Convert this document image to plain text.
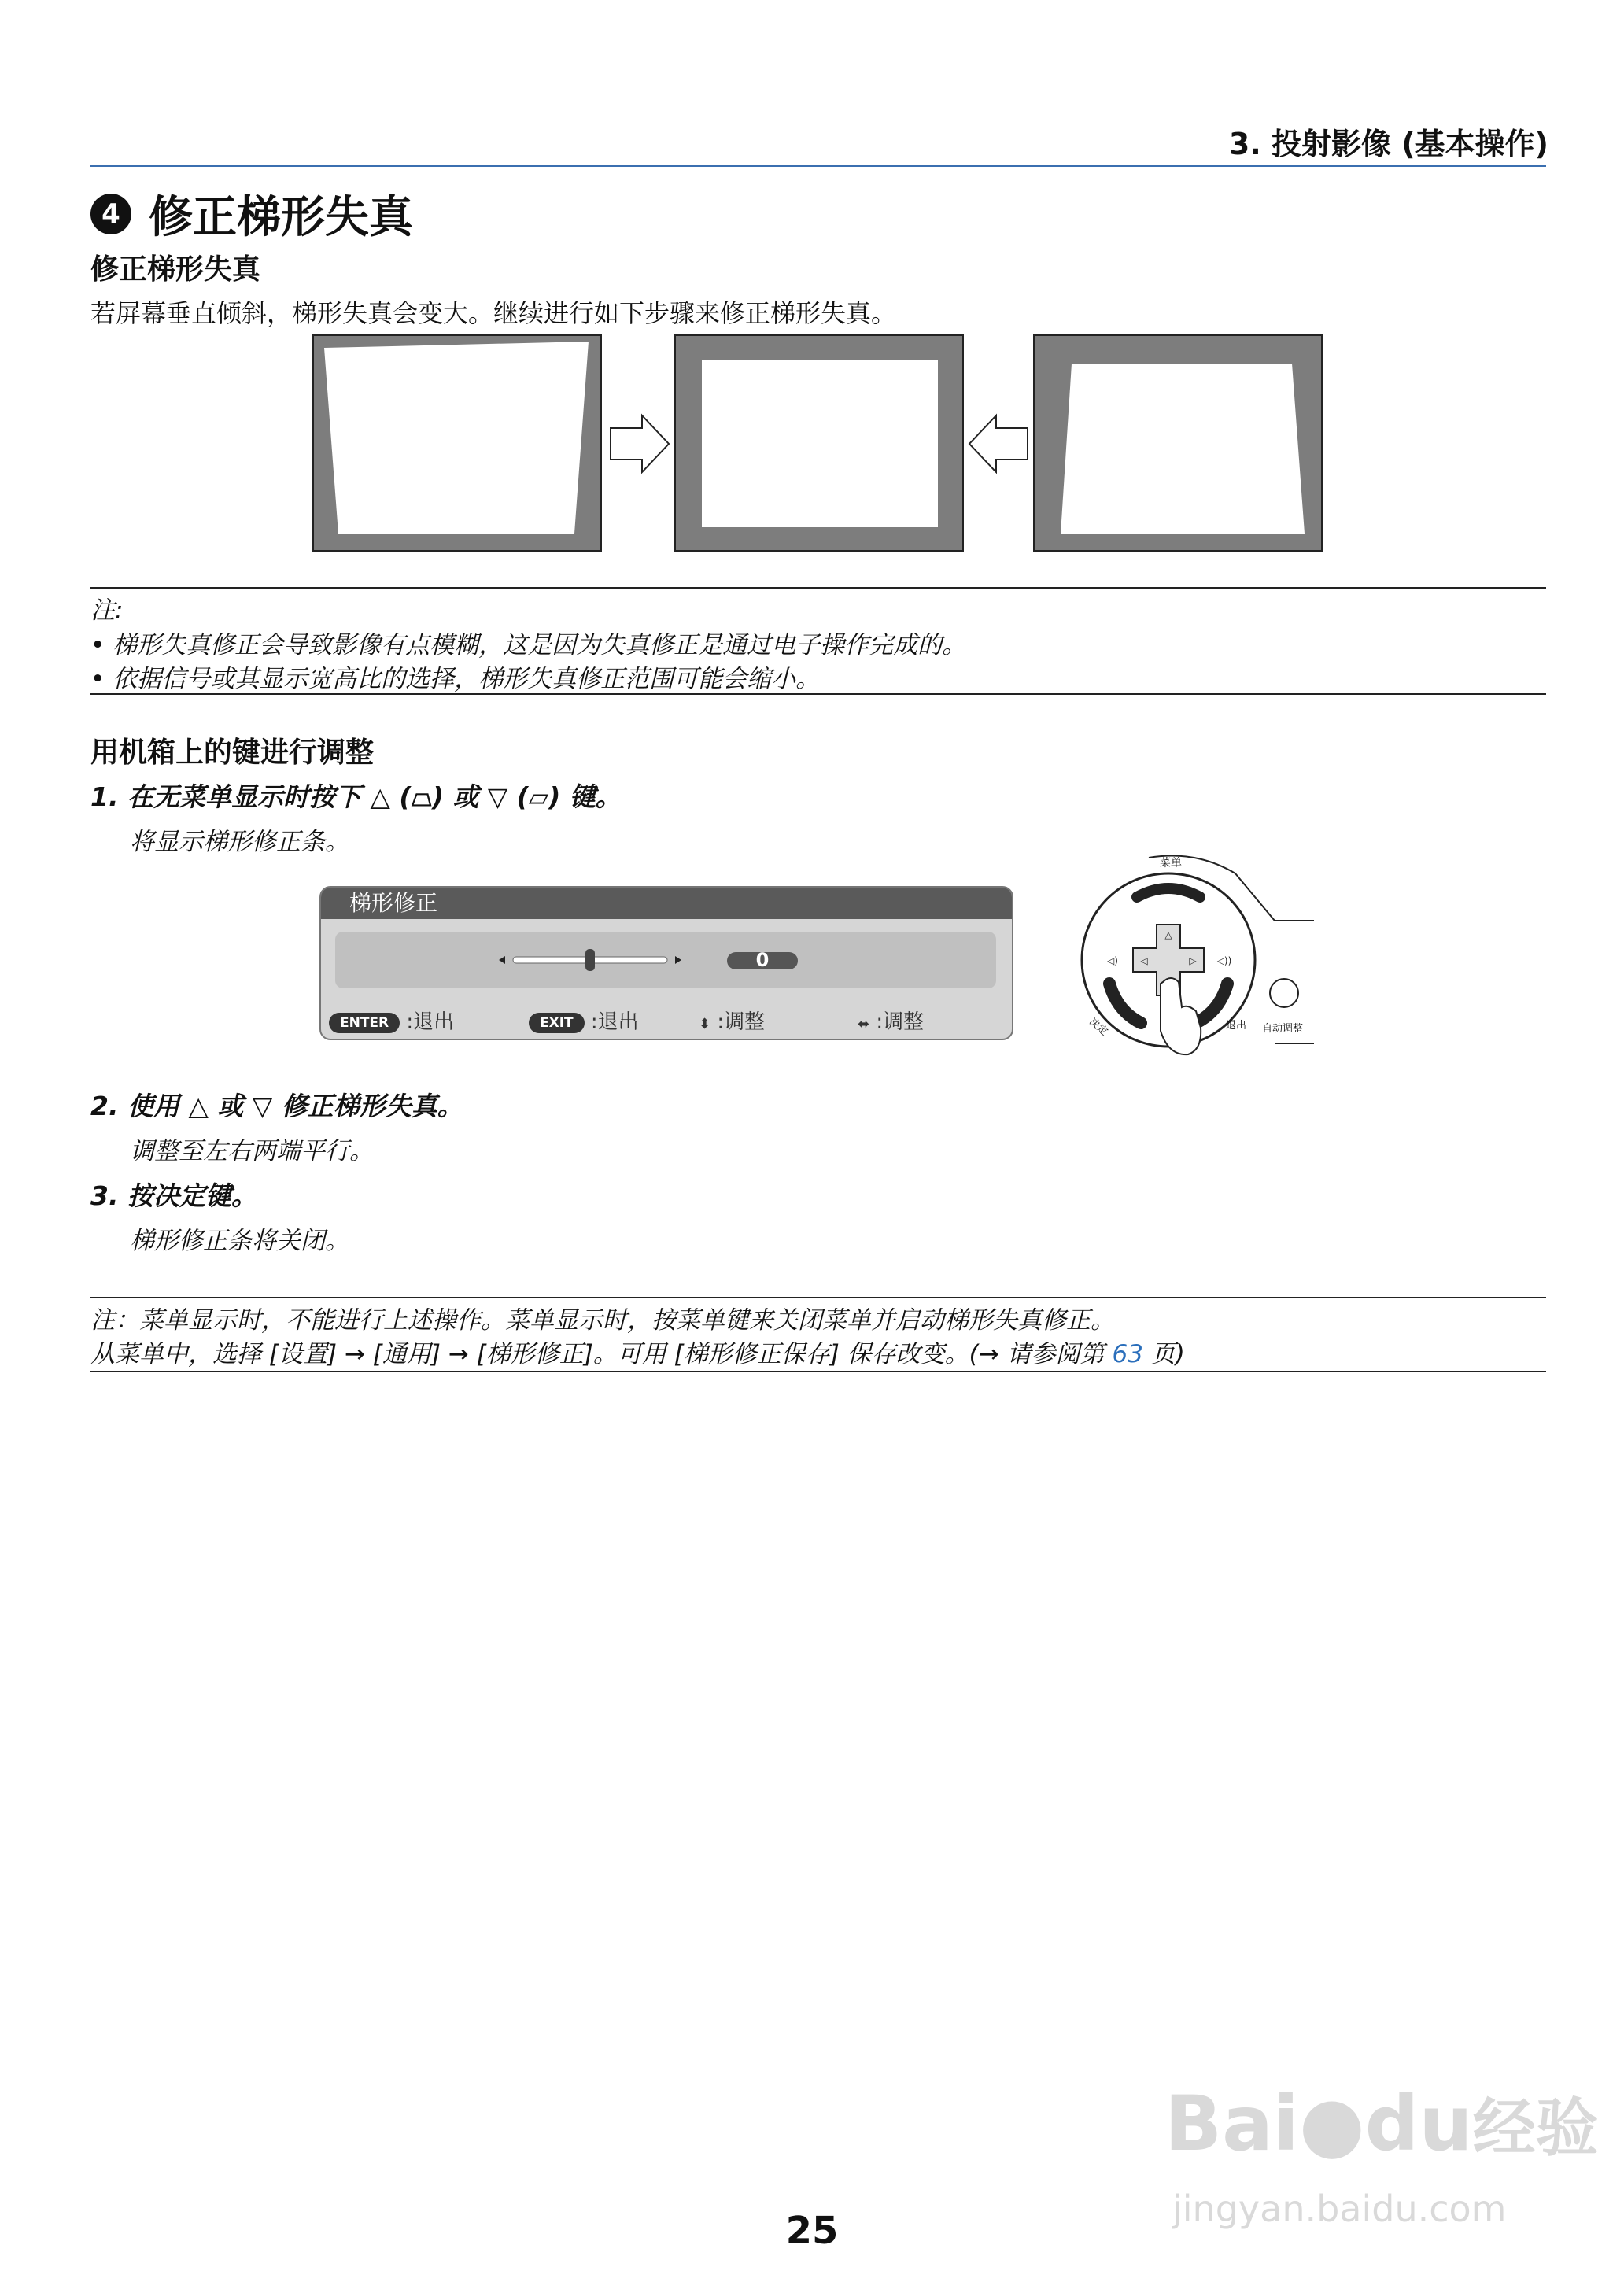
3. 投射影像 (基本操作)
4 修正梯形失真
修正梯形失真
若屏幕垂直倾斜，梯形失真会变大。继续进行如下步骤来修正梯形失真。
注:
• 梯形失真修正会导致影像有点模糊，这是因为失真修正是通过电子操作完成的。
• 依据信号或其显示宽高比的选择，梯形失真修正范围可能会缩小。
用机箱上的键进行调整
1. 在无菜单显示时按下 △ (⏢) 或 ▽ (⏥) 键。
将显示梯形修正条。
梯形修正
0
ENTER :退出	EXIT :退出	⬍ :调整	⬌ :调整
△
◁	▷
◁)	◁))
菜单
决定	退出 自动调整
2. 使用 △ 或 ▽ 修正梯形失真。
调整至左右两端平行。
3. 按决定键。
梯形修正条将关闭。
注：菜单显示时，不能进行上述操作。菜单显示时，按菜单键来关闭菜单并启动梯形失真修正。
从菜单中，选择 [设置] → [通用] → [梯形修正]。可用 [梯形修正保存] 保存改变。(→ 请参阅第 63 页)
Bai●du经验
jingyan.baidu.com
25
